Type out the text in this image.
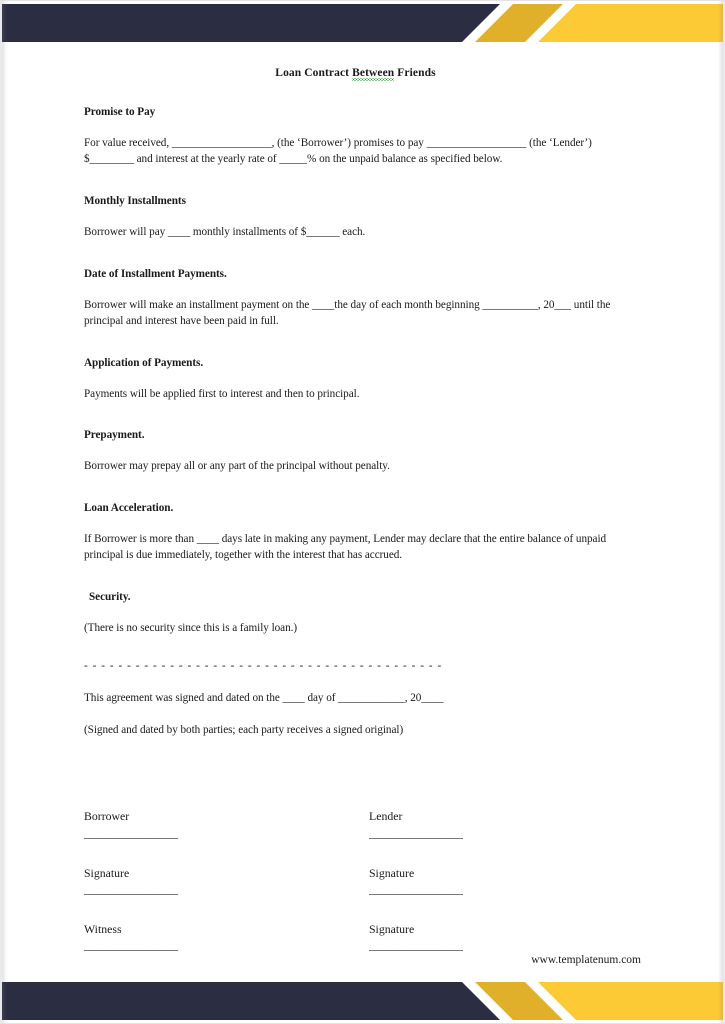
Loan Contract Between Friends
Promise to Pay

For value received, __________________, (the ‘Borrower’) promises to pay __________________ (the ‘Lender’) $________ and interest at the yearly rate of _____% on the unpaid balance as specified below.

Monthly Installments

Borrower will pay ____ monthly installments of $______ each.

Date of Installment Payments.

Borrower will make an installment payment on the ____the day of each month beginning __________, 20___ until the principal and interest have been paid in full.

Application of Payments.

Payments will be applied first to interest and then to principal.

Prepayment.

Borrower may prepay all or any part of the principal without penalty.

Loan Acceleration.

If Borrower is more than ____ days late in making any payment, Lender may declare that the entire balance of unpaid principal is due immediately, together with the interest that has accrued.

Security.

(There is no security since this is a family loan.)

- - - - - - - - - - - - - - - - - - - - - - - - - - - - - - - - - - - - - - - - - -

This agreement was signed and dated on the ____ day of ____________, 20____

(Signed and dated by both parties; each party receives a signed original)

Borrower
_________________
Lender
_________________
Signature
_________________
Signature
_________________
Witness
_________________
Signature
_________________
www.templatenum.com
